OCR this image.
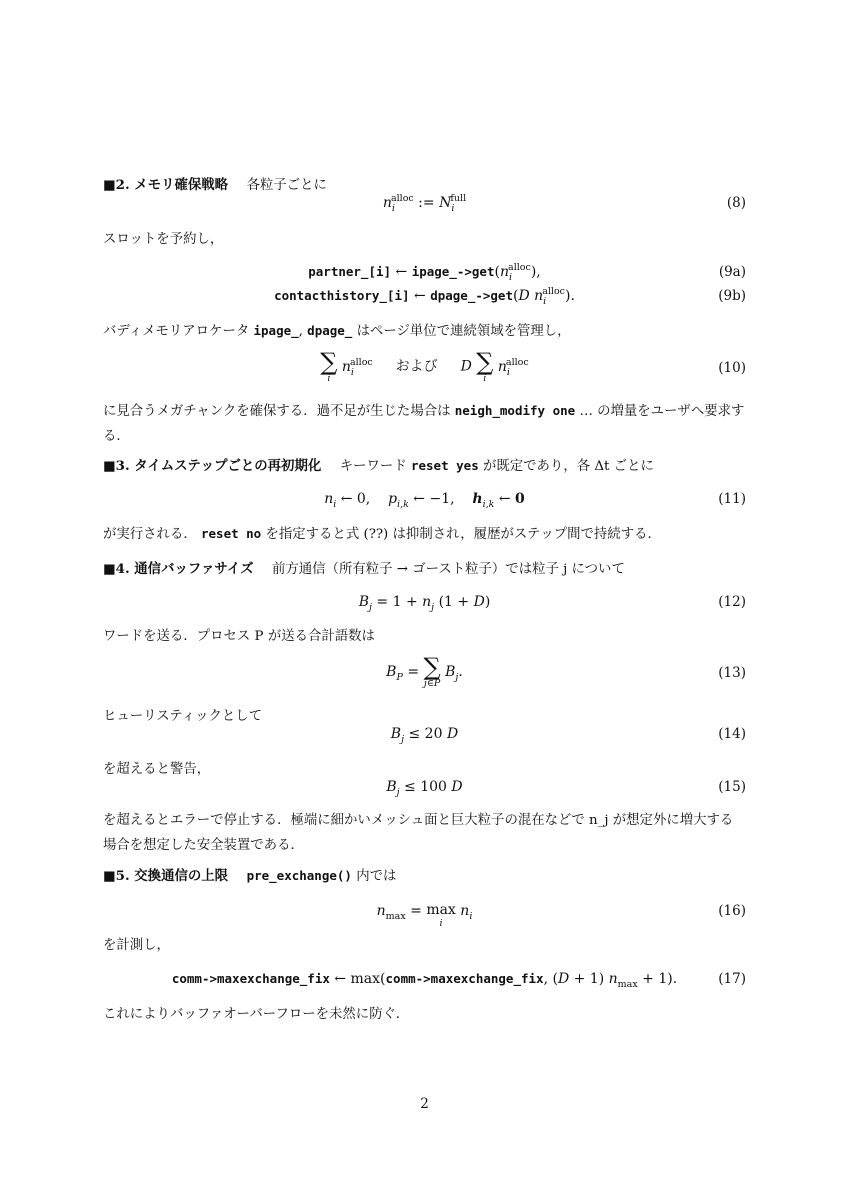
■2. メモリ確保戦略 各粒子ごとに
$n_i^{alloc}$ := $N_i^{full}$	(8)
スロットを予約し，
partner_[i] ← $ipage\_->get(n_i^{alloc})$,	(9a)
contacthistory_[i] ← dpage_->get(D $n_i^{alloc}$).	(9b)
バディメモリアロケータ ipage_, dpage_ はページ単位で連続領域を管理し，
∑
i
$n_i^{alloc}$ および D ∑
i
$n_i^{alloc}$	(10)
に見合うメガチャンクを確保する．過不足が生じた場合は neigh_modify one … の増量をユーザへ要求する．
■3. タイムステップごとの再初期化 キーワード reset yes が既定であり，各 Δt ごとに
$n_i$ ← 0,    $p_{i,k}$ ← −1,    $h_{i,k}$ ← 0	(11)
が実行される． reset no を指定すると式 (??) は抑制され，履歴がステップ間で持続する．
■4. 通信バッファサイズ 前方通信（所有粒子 → ゴースト粒子）では粒子 j について
$B_j = 1 + n_j$ (1 + D)	(12)
ワードを送る．プロセス P が送る合計語数は
$B_P$ = ∑
j∈P
$B_j$.	(13)
ヒューリスティックとして
$B_j \le 20$ D	(14)
を超えると警告，
$B_j \le 100$ D	(15)
を超えるとエラーで停止する．極端に細かいメッシュ面と巨大粒子の混在などで n_j が想定外に増大する場合を想定した安全装置である．
■5. 交換通信の上限 pre_exchange() 内では
$n_{max} = \max$
i
$n_i$	(16)
を計測し，
comm->maxexchange_fix ← max(comm->maxexchange_fix, (D + 1) $n_{max} + 1$).	(17)
これによりバッファオーバーフローを未然に防ぐ．
2
